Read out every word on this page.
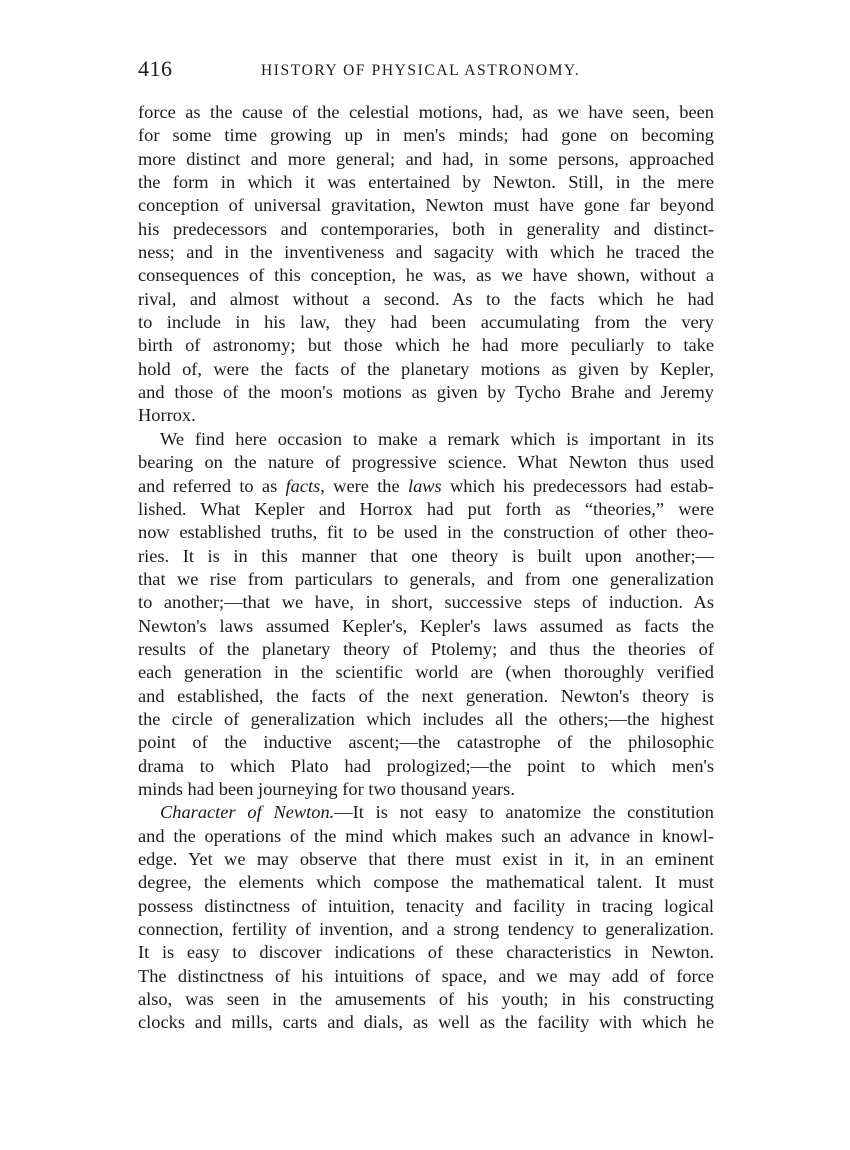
416	HISTORY OF PHYSICAL ASTRONOMY.
force as the cause of the celestial motions, had, as we have seen, been
for some time growing up in men's minds; had gone on becoming
more distinct and more general; and had, in some persons, approached
the form in which it was entertained by Newton. Still, in the mere
conception of universal gravitation, Newton must have gone far beyond
his predecessors and contemporaries, both in generality and distinct-
ness; and in the inventiveness and sagacity with which he traced the
consequences of this conception, he was, as we have shown, without a
rival, and almost without a second. As to the facts which he had
to include in his law, they had been accumulating from the very
birth of astronomy; but those which he had more peculiarly to take
hold of, were the facts of the planetary motions as given by Kepler,
and those of the moon's motions as given by Tycho Brahe and Jeremy
Horrox.
We find here occasion to make a remark which is important in its
bearing on the nature of progressive science. What Newton thus used
and referred to as facts, were the laws which his predecessors had estab-
lished. What Kepler and Horrox had put forth as “theories,” were
now established truths, fit to be used in the construction of other theo-
ries. It is in this manner that one theory is built upon another;—
that we rise from particulars to generals, and from one generalization
to another;—that we have, in short, successive steps of induction. As
Newton's laws assumed Kepler's, Kepler's laws assumed as facts the
results of the planetary theory of Ptolemy; and thus the theories of
each generation in the scientific world are (when thoroughly verified
and established, the facts of the next generation. Newton's theory is
the circle of generalization which includes all the others;—the highest
point of the inductive ascent;—the catastrophe of the philosophic
drama to which Plato had prologized;—the point to which men's
minds had been journeying for two thousand years.
Character of Newton.—It is not easy to anatomize the constitution
and the operations of the mind which makes such an advance in knowl-
edge. Yet we may observe that there must exist in it, in an eminent
degree, the elements which compose the mathematical talent. It must
possess distinctness of intuition, tenacity and facility in tracing logical
connection, fertility of invention, and a strong tendency to generalization.
It is easy to discover indications of these characteristics in Newton.
The distinctness of his intuitions of space, and we may add of force
also, was seen in the amusements of his youth; in his constructing
clocks and mills, carts and dials, as well as the facility with which he
